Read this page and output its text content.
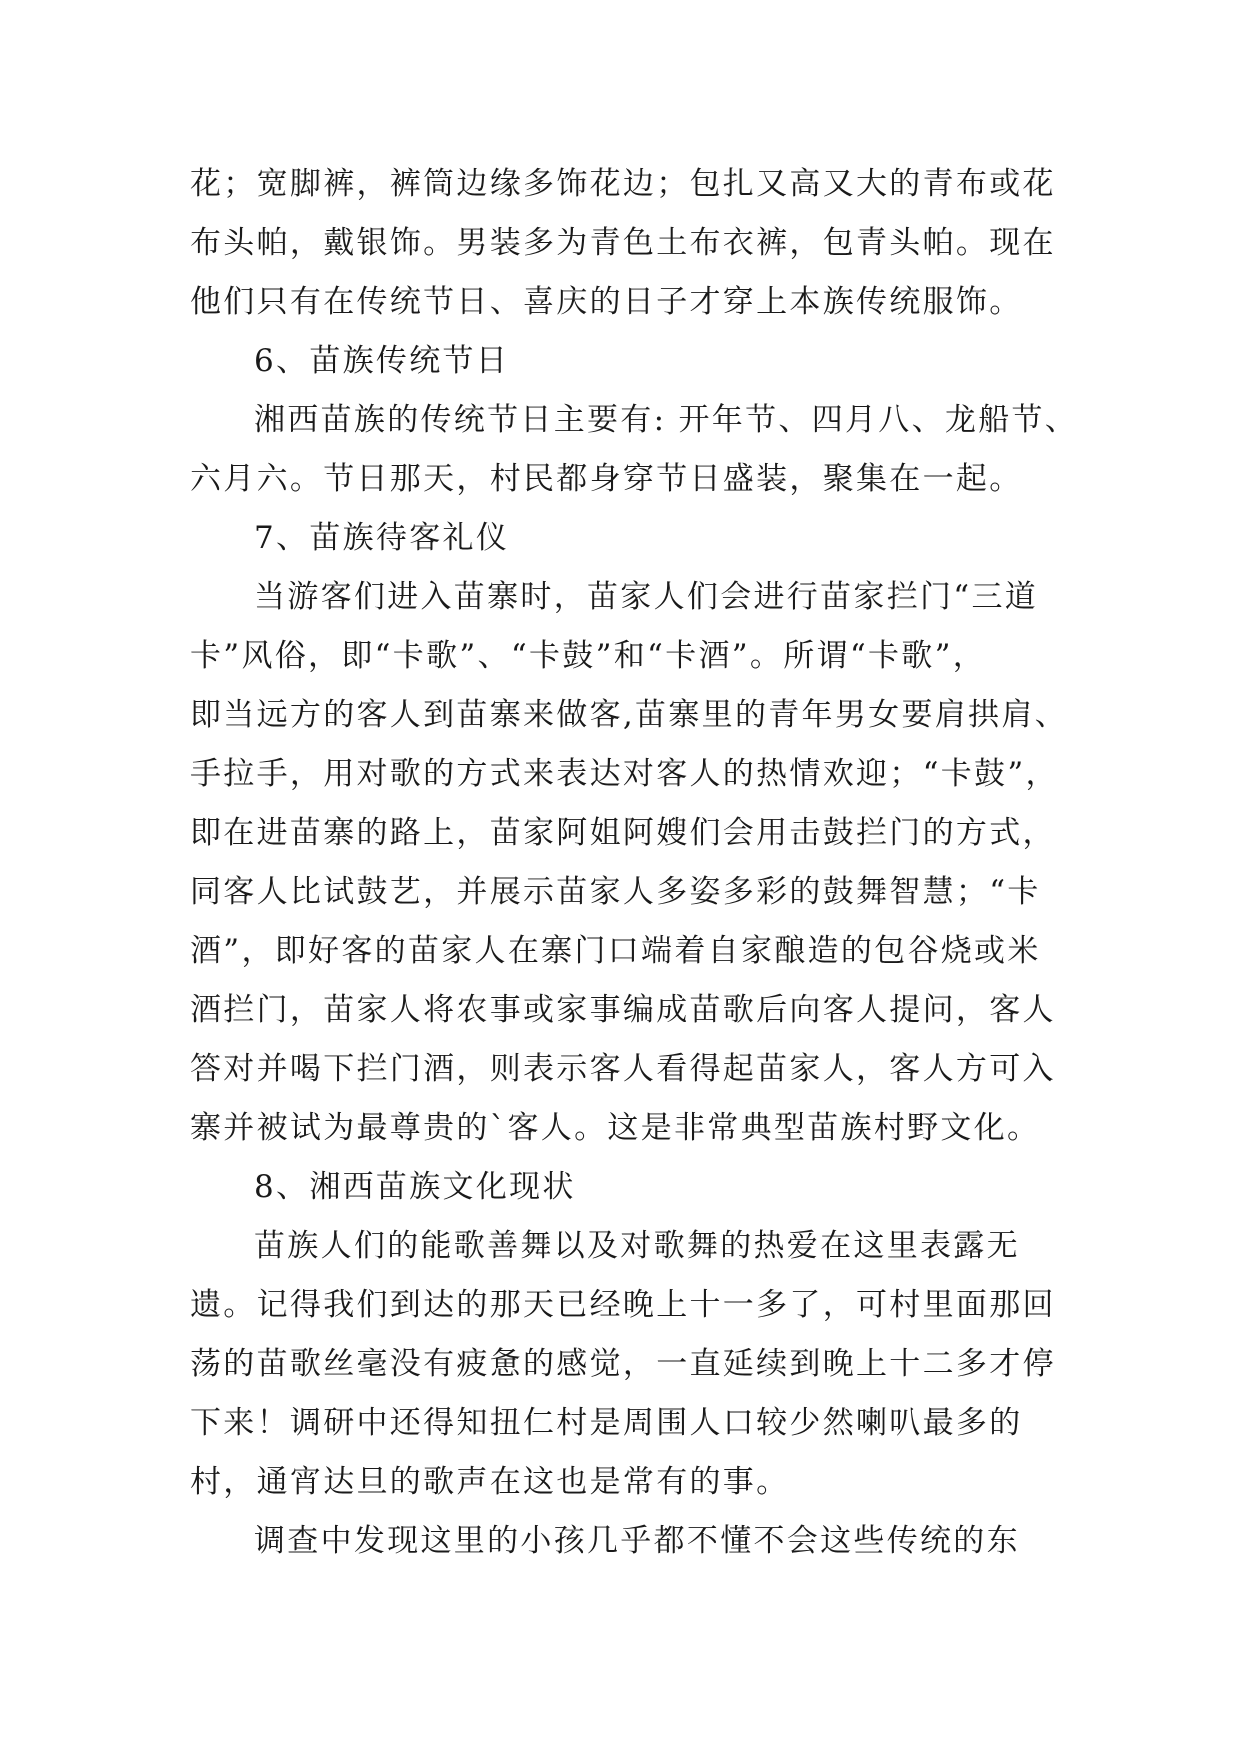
花；宽脚裤，裤筒边缘多饰花边；包扎又高又大的青布或花
布头帕，戴银饰。男装多为青色土布衣裤，包青头帕。现在
他们只有在传统节日、喜庆的日子才穿上本族传统服饰。
6、苗族传统节日
湘西苗族的传统节日主要有: 开年节、四月八、龙船节、
六月六。节日那天，村民都身穿节日盛装，聚集在一起。
7、苗族待客礼仪
当游客们进入苗寨时，苗家人们会进行苗家拦门“三道
卡”风俗，即“卡歌”、“卡鼓”和“卡酒”。所谓“卡歌”，
即当远方的客人到苗寨来做客,苗寨里的青年男女要肩拱肩、
手拉手，用对歌的方式来表达对客人的热情欢迎；“卡鼓”，
即在进苗寨的路上，苗家阿姐阿嫂们会用击鼓拦门的方式，
同客人比试鼓艺，并展示苗家人多姿多彩的鼓舞智慧；“卡
酒”，即好客的苗家人在寨门口端着自家酿造的包谷烧或米
酒拦门，苗家人将农事或家事编成苗歌后向客人提问，客人
答对并喝下拦门酒，则表示客人看得起苗家人，客人方可入
寨并被试为最尊贵的`客人。这是非常典型苗族村野文化。
8、湘西苗族文化现状
苗族人们的能歌善舞以及对歌舞的热爱在这里表露无
遗。记得我们到达的那天已经晚上十一多了，可村里面那回
荡的苗歌丝毫没有疲惫的感觉，一直延续到晚上十二多才停
下来！调研中还得知扭仁村是周围人口较少然喇叭最多的
村，通宵达旦的歌声在这也是常有的事。
调查中发现这里的小孩几乎都不懂不会这些传统的东
